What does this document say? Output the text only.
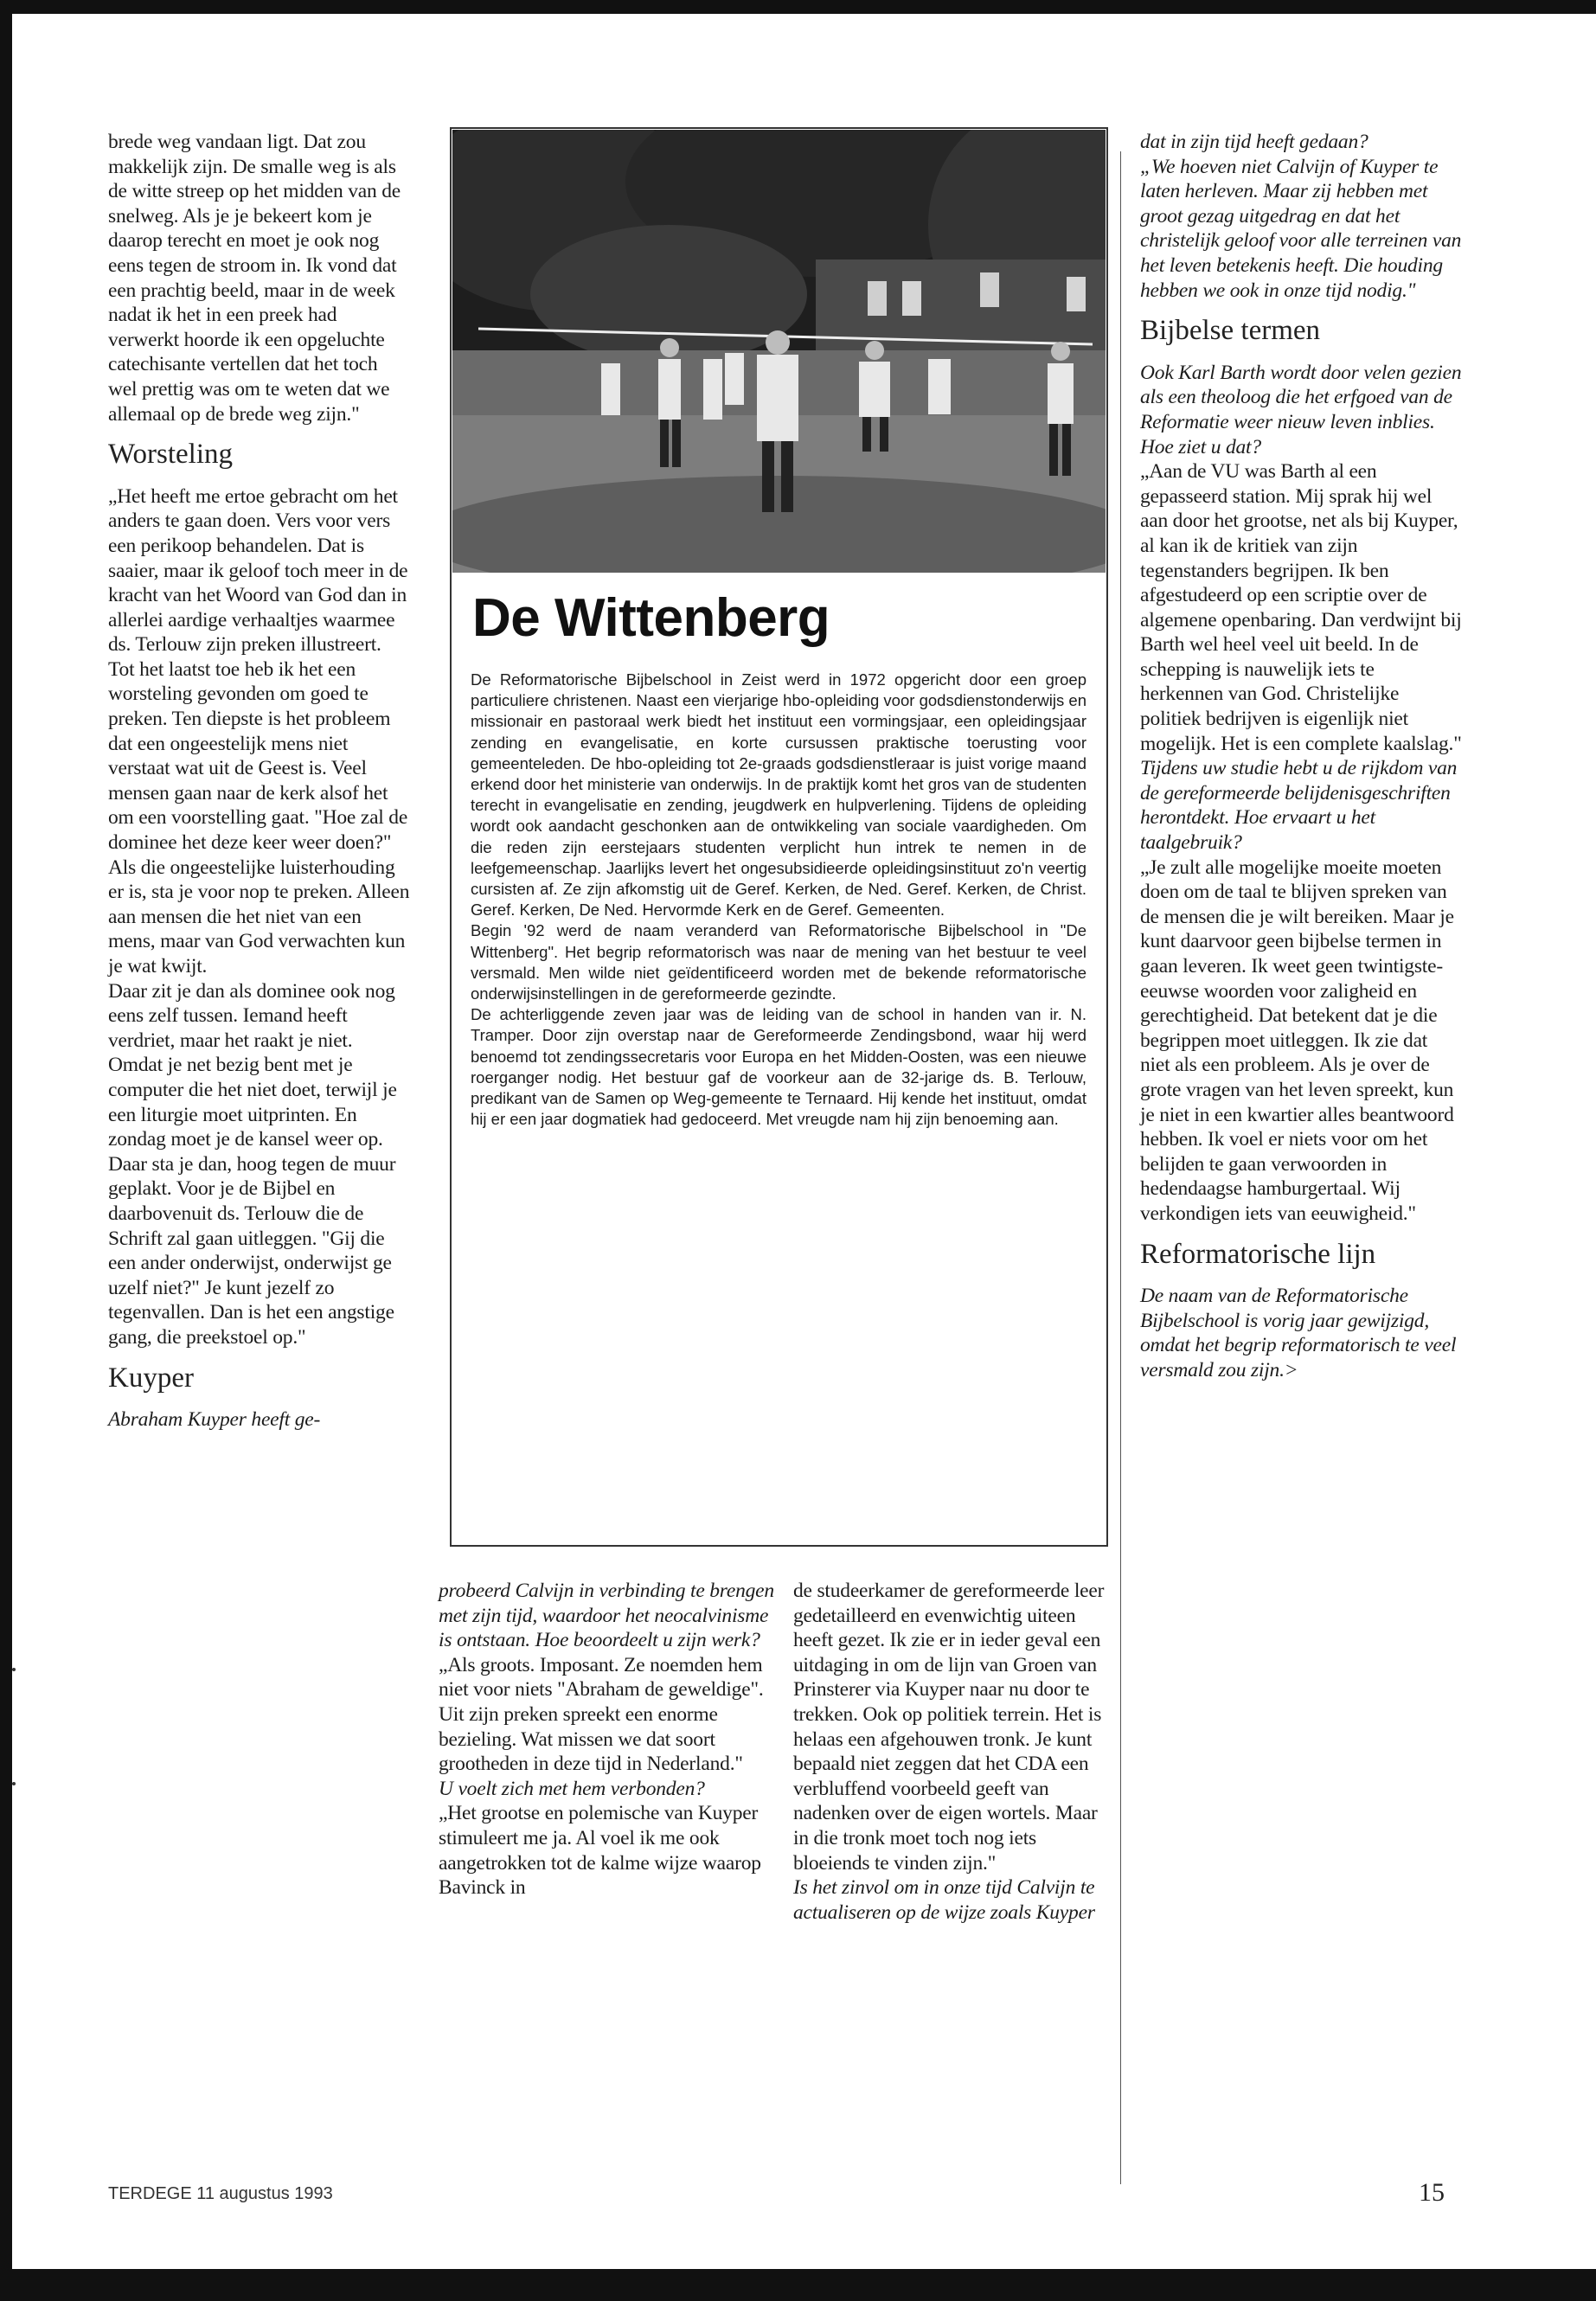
brede weg vandaan ligt. Dat zou makkelijk zijn. De smalle weg is als de witte streep op het midden van de snelweg. Als je je bekeert kom je daarop terecht en moet je ook nog eens tegen de stroom in. Ik vond dat een prachtig beeld, maar in de week nadat ik het in een preek had verwerkt hoorde ik een opgeluchte catechisante vertellen dat het toch wel prettig was om te weten dat we allemaal op de brede weg zijn."

Worsteling

„Het heeft me ertoe gebracht om het anders te gaan doen. Vers voor vers een perikoop behandelen. Dat is saaier, maar ik geloof toch meer in de kracht van het Woord van God dan in allerlei aardige verhaaltjes waarmee ds. Terlouw zijn preken illustreert.

Tot het laatst toe heb ik het een worsteling gevonden om goed te preken. Ten diepste is het probleem dat een ongeestelijk mens niet verstaat wat uit de Geest is. Veel mensen gaan naar de kerk alsof het om een voorstelling gaat. "Hoe zal de dominee het deze keer weer doen?" Als die ongeestelijke luisterhouding er is, sta je voor nop te preken. Alleen aan mensen die het niet van een mens, maar van God verwachten kun je wat kwijt.

Daar zit je dan als dominee ook nog eens zelf tussen. Iemand heeft verdriet, maar het raakt je niet. Omdat je net bezig bent met je computer die het niet doet, terwijl je een liturgie moet uitprinten. En zondag moet je de kansel weer op. Daar sta je dan, hoog tegen de muur geplakt. Voor je de Bijbel en daarbovenuit ds. Terlouw die de Schrift zal gaan uitleggen. "Gij die een ander onderwijst, onderwijst ge uzelf niet?" Je kunt jezelf zo tegenvallen. Dan is het een angstige gang, die preekstoel op."

Kuyper

Abraham Kuyper heeft ge-

De Wittenberg

De Reformatorische Bijbelschool in Zeist werd in 1972 opgericht door een groep particuliere christenen. Naast een vierjarige hbo-opleiding voor godsdienstonderwijs en missionair en pastoraal werk biedt het instituut een vormingsjaar, een opleidingsjaar zending en evangelisatie, en korte cursussen praktische toerusting voor gemeenteleden. De hbo-opleiding tot 2e-graads godsdienstleraar is juist vorige maand erkend door het ministerie van onderwijs. In de praktijk komt het gros van de studenten terecht in evangelisatie en zending, jeugdwerk en hulpverlening. Tijdens de opleiding wordt ook aandacht geschonken aan de ontwikkeling van sociale vaardigheden. Om die reden zijn eerstejaars studenten verplicht hun intrek te nemen in de leefgemeenschap. Jaarlijks levert het ongesubsidieerde opleidingsinstituut zo'n veertig cursisten af. Ze zijn afkomstig uit de Geref. Kerken, de Ned. Geref. Kerken, de Christ. Geref. Kerken, De Ned. Hervormde Kerk en de Geref. Gemeenten.

Begin '92 werd de naam veranderd van Reformatorische Bijbelschool in "De Wittenberg". Het begrip reformatorisch was naar de mening van het bestuur te veel versmald. Men wilde niet geïdentificeerd worden met de bekende reformatorische onderwijsinstellingen in de gereformeerde gezindte.

De achterliggende zeven jaar was de leiding van de school in handen van ir. N. Tramper. Door zijn overstap naar de Gereformeerde Zendingsbond, waar hij werd benoemd tot zendingssecretaris voor Europa en het Midden-Oosten, was een nieuwe roerganger nodig. Het bestuur gaf de voorkeur aan de 32-jarige ds. B. Terlouw, predikant van de Samen op Weg-gemeente te Ternaard. Hij kende het instituut, omdat hij er een jaar dogmatiek had gedoceerd. Met vreugde nam hij zijn benoeming aan.

probeerd Calvijn in verbinding te brengen met zijn tijd, waardoor het neocalvinisme is ontstaan. Hoe beoordeelt u zijn werk?

„Als groots. Imposant. Ze noemden hem niet voor niets "Abraham de geweldige". Uit zijn preken spreekt een enorme bezieling. Wat missen we dat soort grootheden in deze tijd in Nederland."

U voelt zich met hem verbonden?

„Het grootse en polemische van Kuyper stimuleert me ja. Al voel ik me ook aangetrokken tot de kalme wijze waarop Bavinck in

de studeerkamer de gereformeerde leer gedetailleerd en evenwichtig uiteen heeft gezet. Ik zie er in ieder geval een uitdaging in om de lijn van Groen van Prinsterer via Kuyper naar nu door te trekken. Ook op politiek terrein. Het is helaas een afgehouwen tronk. Je kunt bepaald niet zeggen dat het CDA een verbluffend voorbeeld geeft van nadenken over de eigen wortels. Maar in die tronk moet toch nog iets bloeiends te vinden zijn."

Is het zinvol om in onze tijd Calvijn te actualiseren op de wijze zoals Kuyper

dat in zijn tijd heeft gedaan?

„We hoeven niet Calvijn of Kuyper te laten herleven. Maar zij hebben met groot gezag uitgedrag en dat het christelijk geloof voor alle terreinen van het leven betekenis heeft. Die houding hebben we ook in onze tijd nodig."

Bijbelse termen

Ook Karl Barth wordt door velen gezien als een theoloog die het erfgoed van de Reformatie weer nieuw leven inblies. Hoe ziet u dat?

„Aan de VU was Barth al een gepasseerd station. Mij sprak hij wel aan door het grootse, net als bij Kuyper, al kan ik de kritiek van zijn tegenstanders begrijpen. Ik ben afgestudeerd op een scriptie over de algemene openbaring. Dan verdwijnt bij Barth wel heel veel uit beeld. In de schepping is nauwelijk iets te herkennen van God. Christelijke politiek bedrijven is eigenlijk niet mogelijk. Het is een complete kaalslag."

Tijdens uw studie hebt u de rijkdom van de gereformeerde belijdenisgeschriften herontdekt. Hoe ervaart u het taalgebruik?

„Je zult alle mogelijke moeite moeten doen om de taal te blijven spreken van de mensen die je wilt bereiken. Maar je kunt daarvoor geen bijbelse termen in gaan leveren. Ik weet geen twintigste-eeuwse woorden voor zaligheid en gerechtigheid. Dat betekent dat je die begrippen moet uitleggen. Ik zie dat niet als een probleem. Als je over de grote vragen van het leven spreekt, kun je niet in een kwartier alles beantwoord hebben. Ik voel er niets voor om het belijden te gaan verwoorden in hedendaagse hamburgertaal. Wij verkondigen iets van eeuwigheid."

Reformatorische lijn

De naam van de Reformatorische Bijbelschool is vorig jaar gewijzigd, omdat het begrip reformatorisch te veel versmald zou zijn.>

TERDEGE 11 augustus 1993	15
